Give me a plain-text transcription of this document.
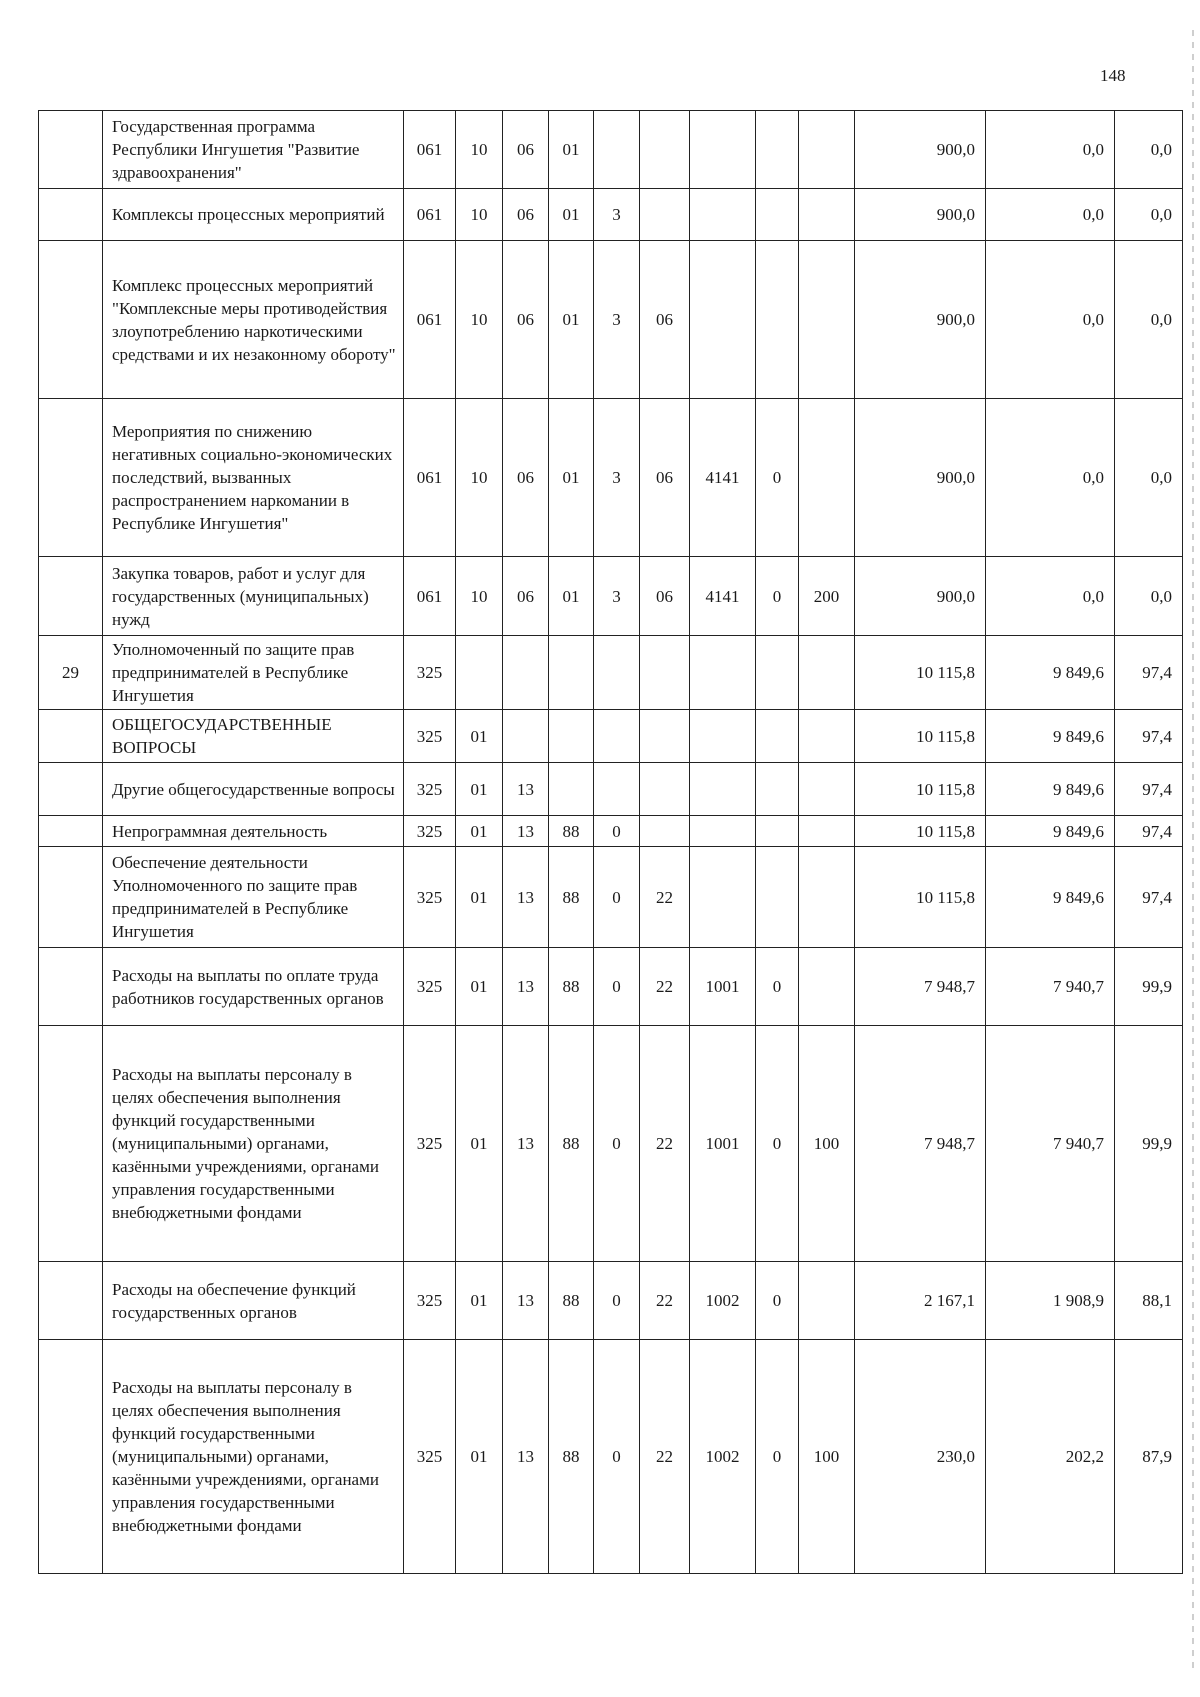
148
	Государственная программа Республики Ингушетия "Развитие здравоохранения"	061	10	06	01						900,0	0,0	0,0
	Комплексы процессных мероприятий	061	10	06	01	3					900,0	0,0	0,0
	Комплекс процессных мероприятий "Комплексные меры противодействия злоупотреблению наркотическими средствами и их незаконному обороту"	061	10	06	01	3	06				900,0	0,0	0,0
	Мероприятия по снижению негативных социально-экономических последствий, вызванных распространением наркомании в Республике Ингушетия"	061	10	06	01	3	06	4141	0		900,0	0,0	0,0
	Закупка товаров, работ и услуг для государственных (муниципальных) нужд	061	10	06	01	3	06	4141	0	200	900,0	0,0	0,0
29	Уполномоченный по защите прав предпринимателей в Республике Ингушетия	325									10 115,8	9 849,6	97,4
	ОБЩЕГОСУДАРСТВЕННЫЕ ВОПРОСЫ	325	01								10 115,8	9 849,6	97,4
	Другие общегосударственные вопросы	325	01	13							10 115,8	9 849,6	97,4
	Непрограммная деятельность	325	01	13	88	0					10 115,8	9 849,6	97,4
	Обеспечение деятельности Уполномоченного по защите прав предпринимателей в Республике Ингушетия	325	01	13	88	0	22				10 115,8	9 849,6	97,4
	Расходы на выплаты по оплате труда работников государственных органов	325	01	13	88	0	22	1001	0		7 948,7	7 940,7	99,9
	Расходы на выплаты персоналу в целях обеспечения выполнения функций государственными (муниципальными) органами, казёнными учреждениями, органами управления государственными внебюджетными фондами	325	01	13	88	0	22	1001	0	100	7 948,7	7 940,7	99,9
	Расходы на обеспечение функций государственных органов	325	01	13	88	0	22	1002	0		2 167,1	1 908,9	88,1
	Расходы на выплаты персоналу в целях обеспечения выполнения функций государственными (муниципальными) органами, казёнными учреждениями, органами управления государственными внебюджетными фондами	325	01	13	88	0	22	1002	0	100	230,0	202,2	87,9
